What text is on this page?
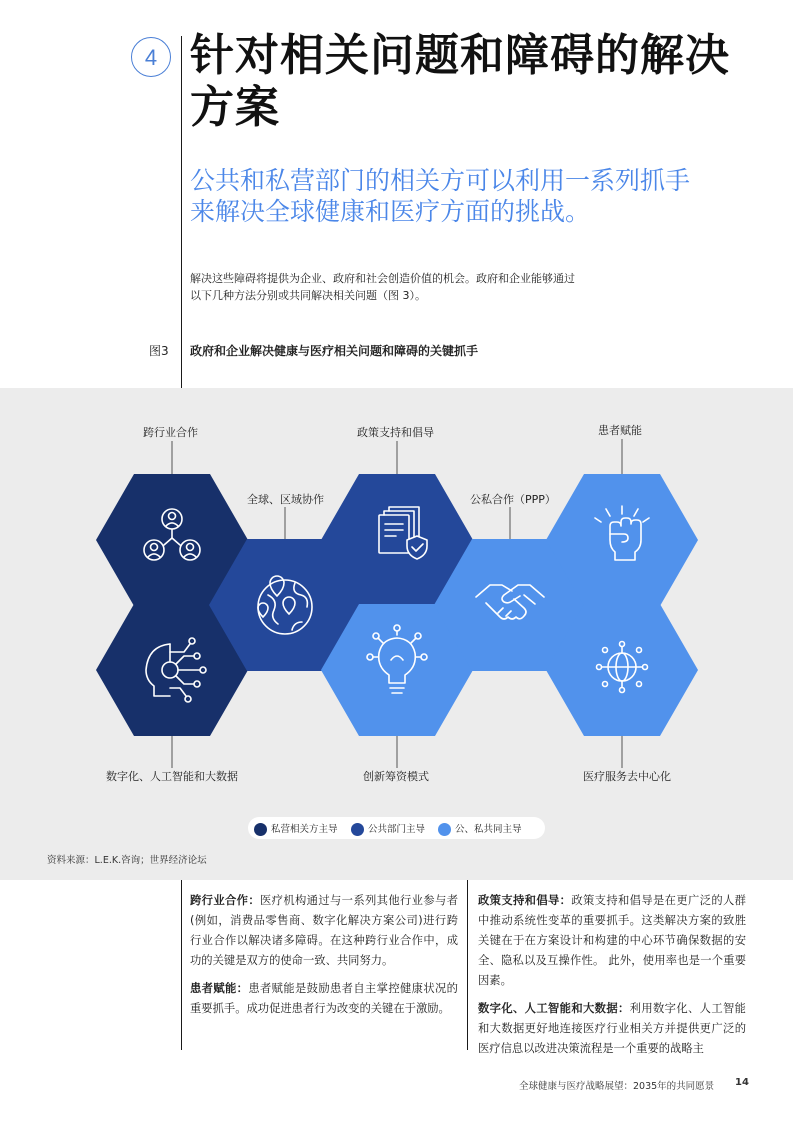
4 针对相关问题和障碍的解决
方案
公共和私营部门的相关方可以利用一系列抓手
来解决全球健康和医疗方面的挑战。
解决这些障碍将提供为企业、政府和社会创造价值的机会。政府和企业能够通过
以下几种方法分别或共同解决相关问题（图 3）。
图3 政府和企业解决健康与医疗相关问题和障碍的关键抓手
跨行业合作
全球、区域协作
政策支持和倡导
公私合作（PPP）
患者赋能
数字化、人工智能和大数据	创新筹资模式	医疗服务去中心化
私营相关方主导	公共部门主导	公、私共同主导
资料来源：L.E.K.咨询；世界经济论坛

跨行业合作：医疗机构通过与一系列其他行业参与者(例如，消费品零售商、数字化解决方案公司)进行跨行业合作以解决诸多障碍。在这种跨行业合作中，成功的关键是双方的使命一致、共同努力。

患者赋能：患者赋能是鼓励患者自主掌控健康状况的重要抓手。成功促进患者行为改变的关键在于激励。

政策支持和倡导：政策支持和倡导是在更广泛的人群中推动系统性变革的重要抓手。这类解决方案的致胜关键在于在方案设计和构建的中心环节确保数据的安全、隐私以及互操作性。 此外，使用率也是一个重要因素。

数字化、人工智能和大数据：利用数字化、人工智能和大数据更好地连接医疗行业相关方并提供更广泛的医疗信息以改进决策流程是一个重要的战略主

全球健康与医疗战略展望：2035年的共同愿景 14
